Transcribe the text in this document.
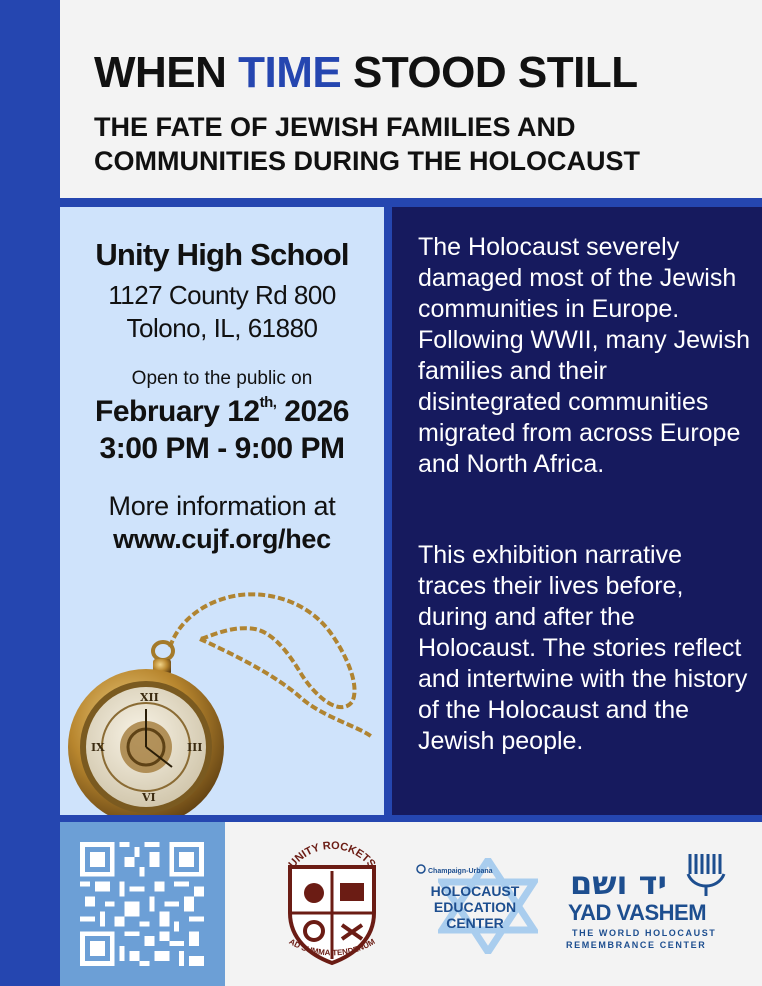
WHEN TIME STOOD STILL
THE FATE OF JEWISH FAMILIES AND
COMMUNITIES DURING THE HOLOCAUST
Unity High School
1127 County Rd 800
Tolono, IL, 61880
Open to the public on
February $12^{th,}$ 2026
3:00 PM - 9:00 PM
More information at
www.cujf.org/hec
XII
III
VI
IX
The Holocaust severely damaged most of the Jewish communities in Europe. Following WWII, many Jewish families and their disintegrated communities migrated from across Europe and North Africa.
This exhibition narrative traces their lives before, during and after the Holocaust. The stories reflect and intertwine with the history of the Holocaust and the Jewish people.
UNITY ROCKETS
AD SUMMA TENDENUM
Champaign-Urbana
HOLOCAUST
EDUCATION
CENTER
יד ושם
YAD VASHEM
THE WORLD HOLOCAUST
REMEMBRANCE CENTER
